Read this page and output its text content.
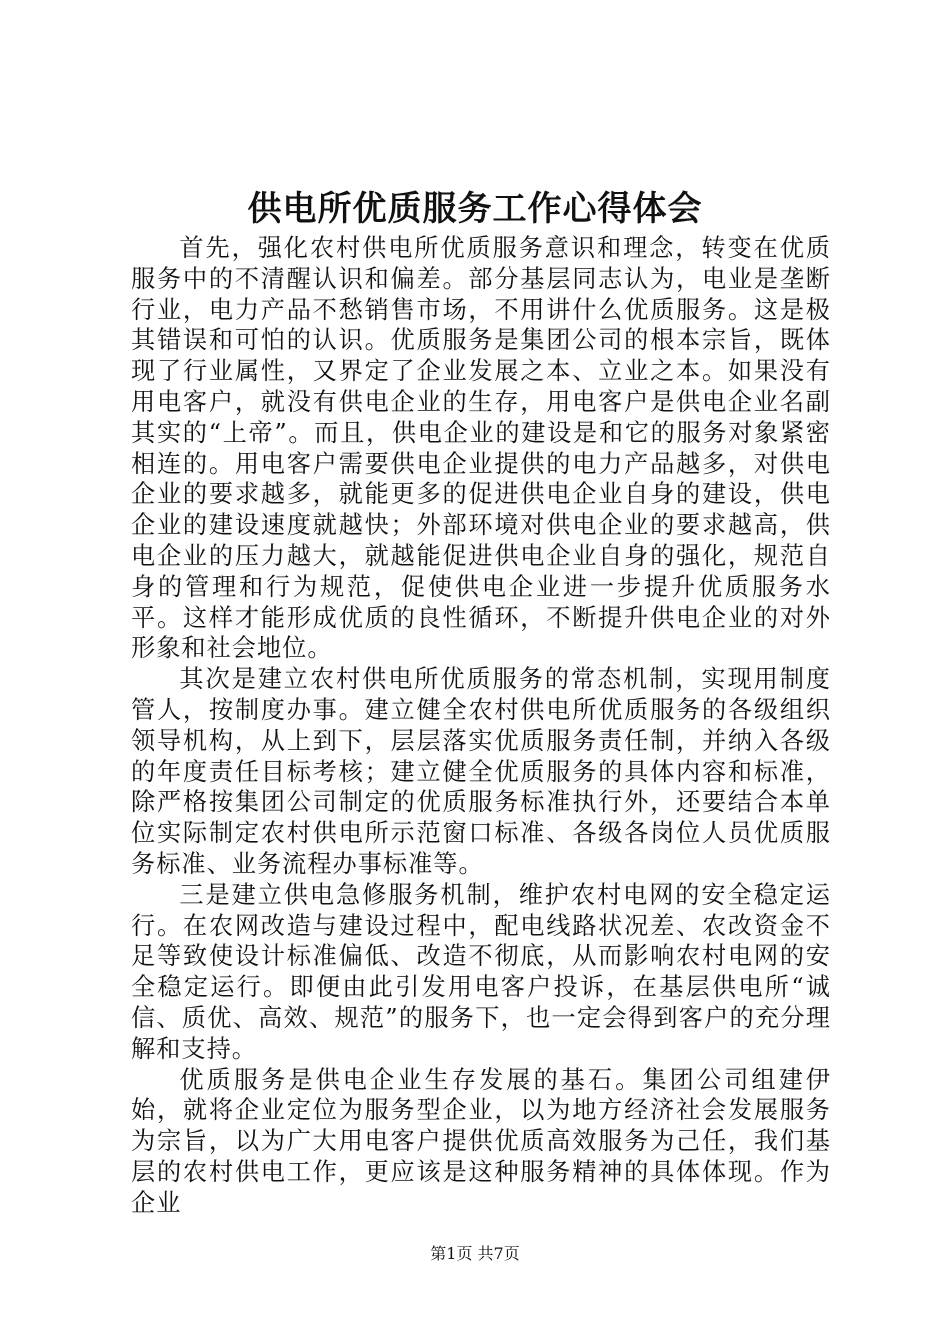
供电所优质服务工作心得体会

首先，强化农村供电所优质服务意识和理念，转变在优质服务中的不清醒认识和偏差。部分基层同志认为，电业是垄断行业，电力产品不愁销售市场，不用讲什么优质服务。这是极其错误和可怕的认识。优质服务是集团公司的根本宗旨，既体现了行业属性，又界定了企业发展之本、立业之本。如果没有用电客户，就没有供电企业的生存，用电客户是供电企业名副其实的“上帝”。而且，供电企业的建设是和它的服务对象紧密相连的。用电客户需要供电企业提供的电力产品越多，对供电企业的要求越多，就能更多的促进供电企业自身的建设，供电企业的建设速度就越快；外部环境对供电企业的要求越高，供电企业的压力越大，就越能促进供电企业自身的强化，规范自身的管理和行为规范，促使供电企业进一步提升优质服务水平。这样才能形成优质的良性循环，不断提升供电企业的对外形象和社会地位。

其次是建立农村供电所优质服务的常态机制，实现用制度管人，按制度办事。建立健全农村供电所优质服务的各级组织领导机构，从上到下，层层落实优质服务责任制，并纳入各级的年度责任目标考核；建立健全优质服务的具体内容和标准，除严格按集团公司制定的优质服务标准执行外，还要结合本单位实际制定农村供电所示范窗口标准、各级各岗位人员优质服务标准、业务流程办事标准等。

三是建立供电急修服务机制，维护农村电网的安全稳定运行。在农网改造与建设过程中，配电线路状况差、农改资金不足等致使设计标准偏低、改造不彻底，从而影响农村电网的安全稳定运行。即便由此引发用电客户投诉，在基层供电所“诚信、质优、高效、规范”的服务下，也一定会得到客户的充分理解和支持。

优质服务是供电企业生存发展的基石。集团公司组建伊始，就将企业定位为服务型企业，以为地方经济社会发展服务为宗旨，以为广大用电客户提供优质高效服务为己任，我们基层的农村供电工作，更应该是这种服务精神的具体体现。作为企业

第1页 共7页
